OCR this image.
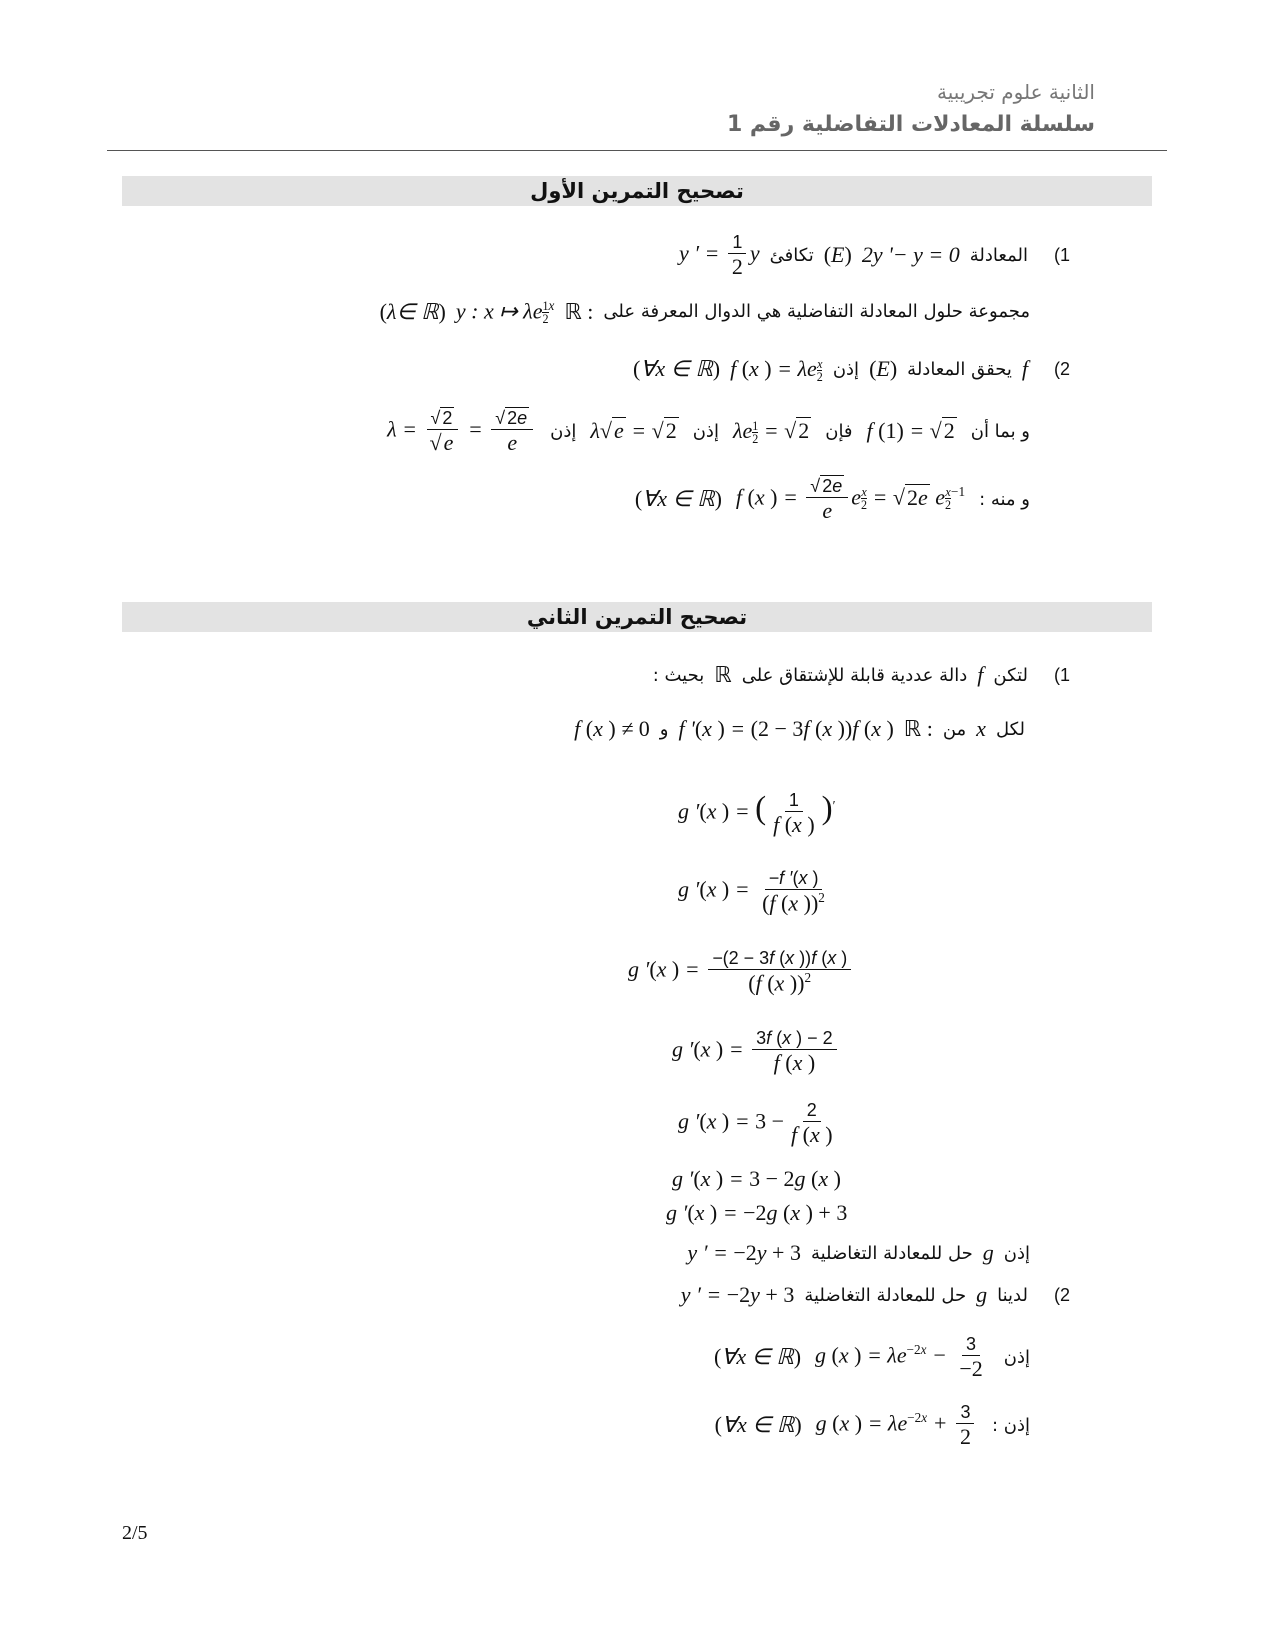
الثانية علوم تجريبية
سلسلة المعادلات التفاضلية رقم 1
تصحيح التمرين الأول
1)
المعادلة
2y '− y = 0
(E)
تكافئ
y ′ = $\frac{1}{2}$ y
مجموعة حلول المعادلة التفاضلية هي الدوال المعرفة على
ℝ :
y : x ↦ λe $\frac{1}{2} ^x$
(λ∈ ℝ)
2)
f
يحقق المعادلة
(E)
إذن
f (x ) = λe $\frac{x}{2}$
(∀x ∈ ℝ)
و بما أن
f (1) = √2
فإن
λe $\frac{1}{2} = √2$
إذن
λ√e = √2
إذن
$\lambda = \frac{√ 2}{√e} = \frac{√ 2e}{e}$
و منه :
f (x ) = $\frac{√ 2e}{e}$ e $\frac{x}{2} = √2e$ e $\frac{x}{2} ^{-1}$
(∀x ∈ ℝ)
تصحيح التمرين الثاني
1)
لتكن
f
دالة عددية قابلة للإشتقاق على
ℝ
بحيث :
لكل
x
من
ℝ :
f '(x ) = (2 − 3f (x ))f (x )
و
f (x ) ≠ 0
g ′(x ) = ( $\frac{1}{f (x )} )'$
g ′(x ) = $\frac{-f '(x )}{(f (x ))^2}$
g ′(x ) = $\frac{-(2 - 3f (x ))f (x )}{(f (x ))^2}$
g ′(x ) = $\frac{3f (x ) - 2}{f (x )}$
g ′(x ) = $3 - \frac{2}{f (x )}$
g ′(x ) = 3 − 2g (x )
g ′(x ) = −2g (x ) + 3
إذن
g
حل للمعادلة التغاضلية
y ′ = −2y + 3
2)
لدينا
g
حل للمعادلة التغاضلية
y ′ = −2y + 3
إذن
g (x ) = $\lambda e^{-2x} - \frac{3}{-2}$
(∀x ∈ ℝ)
إذن :
g (x ) = $\lambda e^{-2x} + \frac{3}{2}$
(∀x ∈ ℝ)
2/5
